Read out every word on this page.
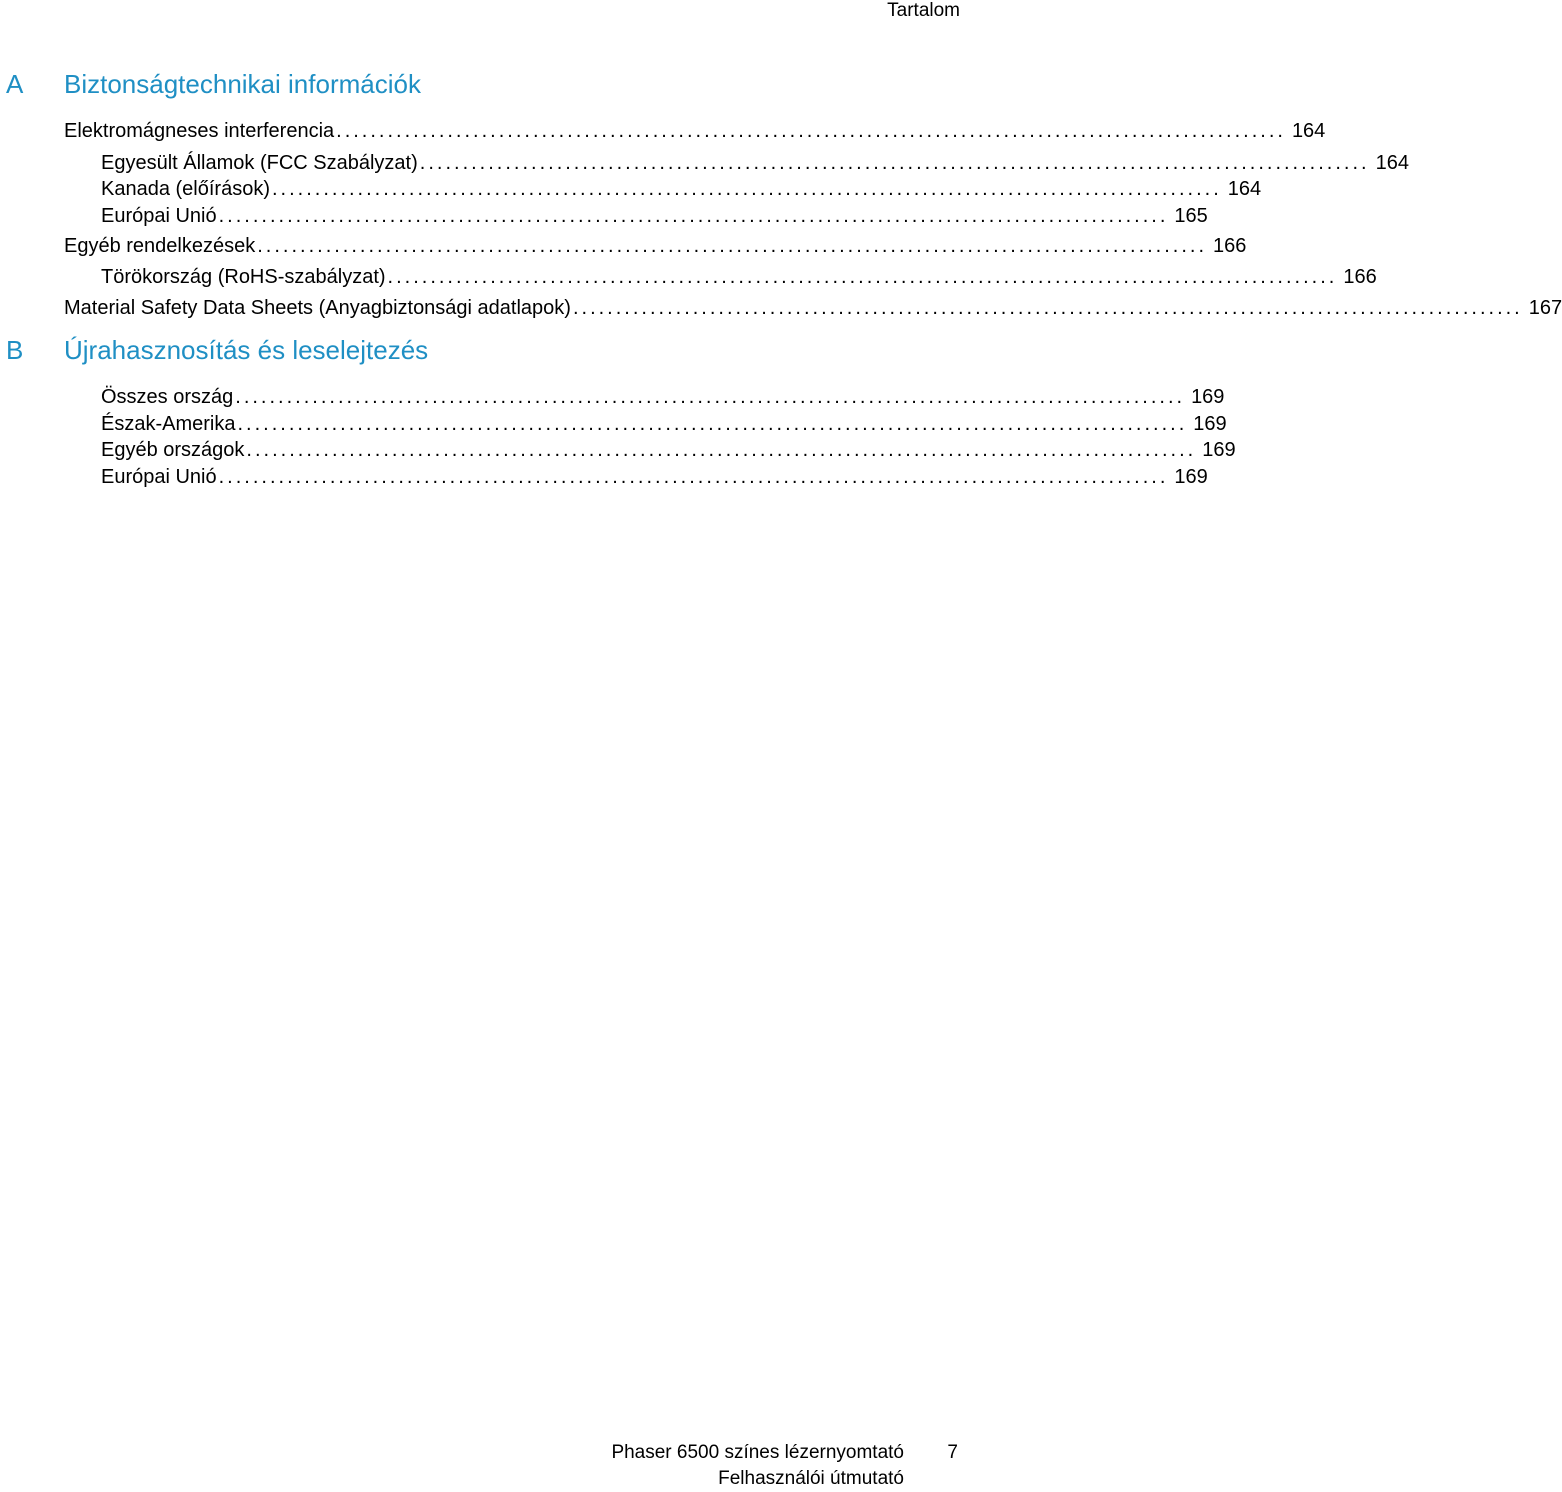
Tartalom
A Biztonságtechnikai információk
Elektromágneses interferencia ............................................................................................................... 164
Egyesült Államok (FCC Szabályzat) ............................................................................................................... 164
Kanada (előírások) ............................................................................................................... 164
Európai Unió ............................................................................................................... 165
Egyéb rendelkezések ............................................................................................................... 166
Törökország (RoHS-szabályzat) ............................................................................................................... 166
Material Safety Data Sheets (Anyagbiztonsági adatlapok) ............................................................................................................... 167
B Újrahasznosítás és leselejtezés
Összes ország ............................................................................................................... 169
Észak-Amerika ............................................................................................................... 169
Egyéb országok ............................................................................................................... 169
Európai Unió ............................................................................................................... 169
Phaser 6500 színes lézernyomtató
Felhasználói útmutató
7
